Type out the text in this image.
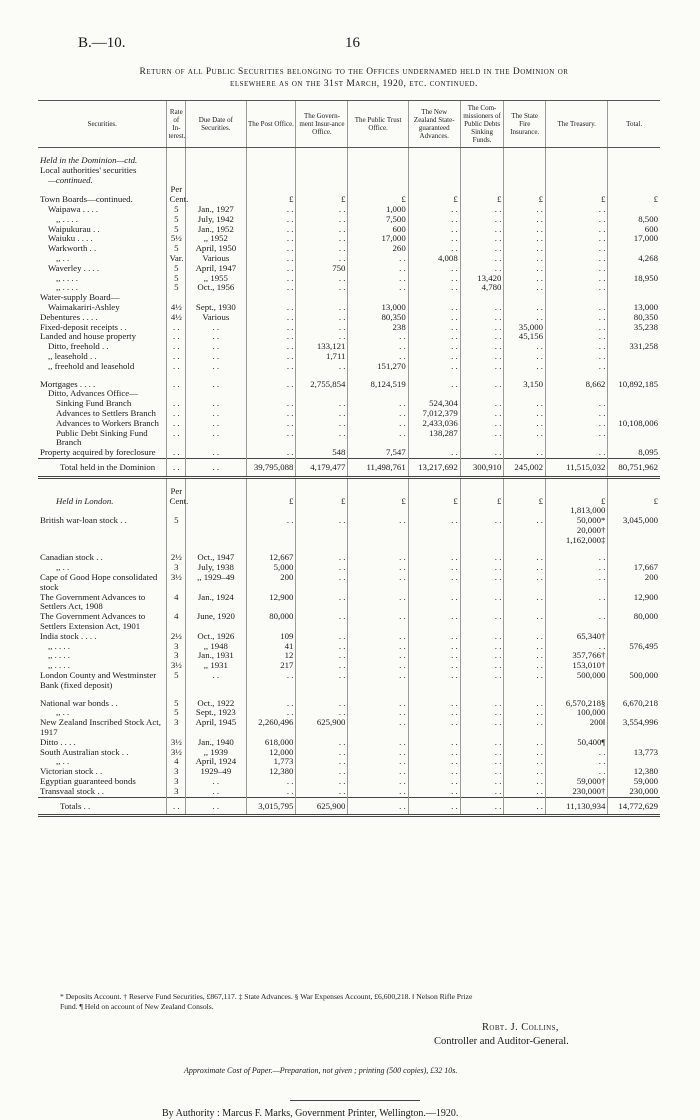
B.—10.	16
Return of all Public Securities belonging to the Offices undernamed held in the Dominion or
elsewhere as on the 31st March, 1920, etc. continued.
Securities.	Rate of In-terest.	Due Date of Securities.	The Post Office.	The Govern-ment Insur-ance Office.	The Public Trust Office.	The New Zealand State-guaranteed Advances.	The Com-missioners of Public Debts Sinking Funds.	The State Fire Insurance.	The Treasury.	Total.
Held in the Dominion—ctd.										
Local authorities' securities										
—continued.										
	Per									
Town Boards—continued.	Cent.		£	£	£	£	£	£	£	£
Waipawa . . . .	5	Jan., 1927	. .	. .	1,000	. .	. .	. .	. .	
,, . . . .	5	July, 1942	. .	. .	7,500	. .	. .	. .	. .	8,500
Waipukurau . .	5	Jan., 1952	. .	. .	600	. .	. .	. .	. .	600
Waiuku . . . .	5½	,, 1952	. .	. .	17,000	. .	. .	. .	. .	17,000
Warkworth . .	5	April, 1950	. .	. .	260	. .	. .	. .	. .	
,, . .	Var.	Various	. .	. .	. .	4,008	. .	. .	. .	4,268
Waverley . . . .	5	April, 1947	. .	750	. .	. .	. .	. .	. .	
,, . . . .	5	,, 1955	. .	. .	. .	. .	13,420	. .	. .	18,950
,, . . . .	5	Oct., 1956	. .	. .	. .	. .	4,780	. .	. .	
Water-supply Board—										
Waimakariri-Ashley	4½	Sept., 1930	. .	. .	13,000	. .	. .	. .	. .	13,000
Debentures . . . .	4½	Various	. .	. .	80,350	. .	. .	. .	. .	80,350
Fixed-deposit receipts . .	. .	. .	. .	. .	238	. .	. .	35,000	. .	35,238
Landed and house property	. .	. .	. .	. .	. .	. .	. .	45,156	. .	
Ditto, freehold . .	. .	. .	. .	133,121	. .	. .	. .	. .	. .	331,258
,, leasehold . .	. .	. .	. .	1,711	. .	. .	. .	. .	. .	
,, freehold and leasehold	. .	. .	. .	. .	151,270	. .	. .	. .	. .	
Mortgages . . . .	. .	. .	. .	2,755,854	8,124,519	. .	. .	3,150	8,662	10,892,185
Ditto, Advances Office—										
Sinking Fund Branch	. .	. .	. .	. .	. .	524,304	. .	. .	. .	
Advances to Settlers Branch	. .	. .	. .	. .	. .	7,012,379	. .	. .	. .	
Advances to Workers Branch	. .	. .	. .	. .	. .	2,433,036	. .	. .	. .	10,108,006
Public Debt Sinking Fund Branch	. .	. .	. .	. .	. .	138,287	. .	. .	. .	
Property acquired by foreclosure	. .	. .	. .	548	7,547	. .	. .	. .	. .	8,095
Total held in the Dominion	. .	. .	39,795,088	4,179,477	11,498,761	13,217,692	300,910	245,002	11,515,032	80,751,962
	Per									
Held in London.	Cent.		£	£	£	£	£	£	£	£
									1,813,000	
British war-loan stock . .	5		. .	. .	. .	. .	. .	. .	50,000*	3,045,000
									20,000†	
									1,162,000‡	
Canadian stock . .	2½	Oct., 1947	12,667	. .	. .	. .	. .	. .	. .	
,, . .	3	July, 1938	5,000	. .	. .	. .	. .	. .	. .	17,667
Cape of Good Hope consolidated stock	3½	,, 1929–49	200	. .	. .	. .	. .	. .	. .	200
The Government Advances to Settlers Act, 1908	4	Jan., 1924	12,900	. .	. .	. .	. .	. .	. .	12,900
The Government Advances to Settlers Extension Act, 1901	4	June, 1920	80,000	. .	. .	. .	. .	. .	. .	80,000
India stock . . . .	2½	Oct., 1926	109	. .	. .	. .	. .	. .	65,340†	
,, . . . .	3	,, 1948	41	. .	. .	. .	. .	. .	. .	576,495
,, . . . .	3	Jan., 1931	12	. .	. .	. .	. .	. .	357,766†	
,, . . . .	3½	,, 1931	217	. .	. .	. .	. .	. .	153,010†	
London County and Westminster Bank (fixed deposit)	5	. .	. .	. .	. .	. .	. .	. .	500,000	500,000
National war bonds . .	5	Oct., 1922	. .	. .	. .	. .	. .	. .	6,570,218§	6,670,218
,, . .	5	Sept., 1923	. .	. .	. .	. .	. .	. .	100,000	
New Zealand Inscribed Stock Act, 1917	3	April, 1945	2,260,496	625,900	. .	. .	. .	. .	200‖	3,554,996
Ditto . . . .	3½	Jan., 1940	618,000	. .	. .	. .	. .	. .	50,400¶	
South Australian stock . .	3½	,, 1939	12,000	. .	. .	. .	. .	. .	. .	13,773
,, . .	4	April, 1924	1,773	. .	. .	. .	. .	. .	. .	
Victorian stock . .	3	1929–49	12,380	. .	. .	. .	. .	. .	. .	12,380
Egyptian guaranteed bonds	3	. .	. .	. .	. .	. .	. .	. .	59,000†	59,000
Transvaal stock . .	3	. .	. .	. .	. .	. .	. .	. .	230,000†	230,000
Totals . .	. .	. .	3,015,795	625,900	. .	. .	. .	. .	11,130,934	14,772,629
* Deposits Account. † Reserve Fund Securities, £867,117. ‡ State Advances. § War Expenses Account, £6,600,218. ‖ Nelson Rifle Prize
Fund. ¶ Held on account of New Zealand Consols.
Robt. J. Collins,
Controller and Auditor-General.
Approximate Cost of Paper.—Preparation, not given ; printing (500 copies), £32 10s.
By Authority : Marcus F. Marks, Government Printer, Wellington.—1920.
